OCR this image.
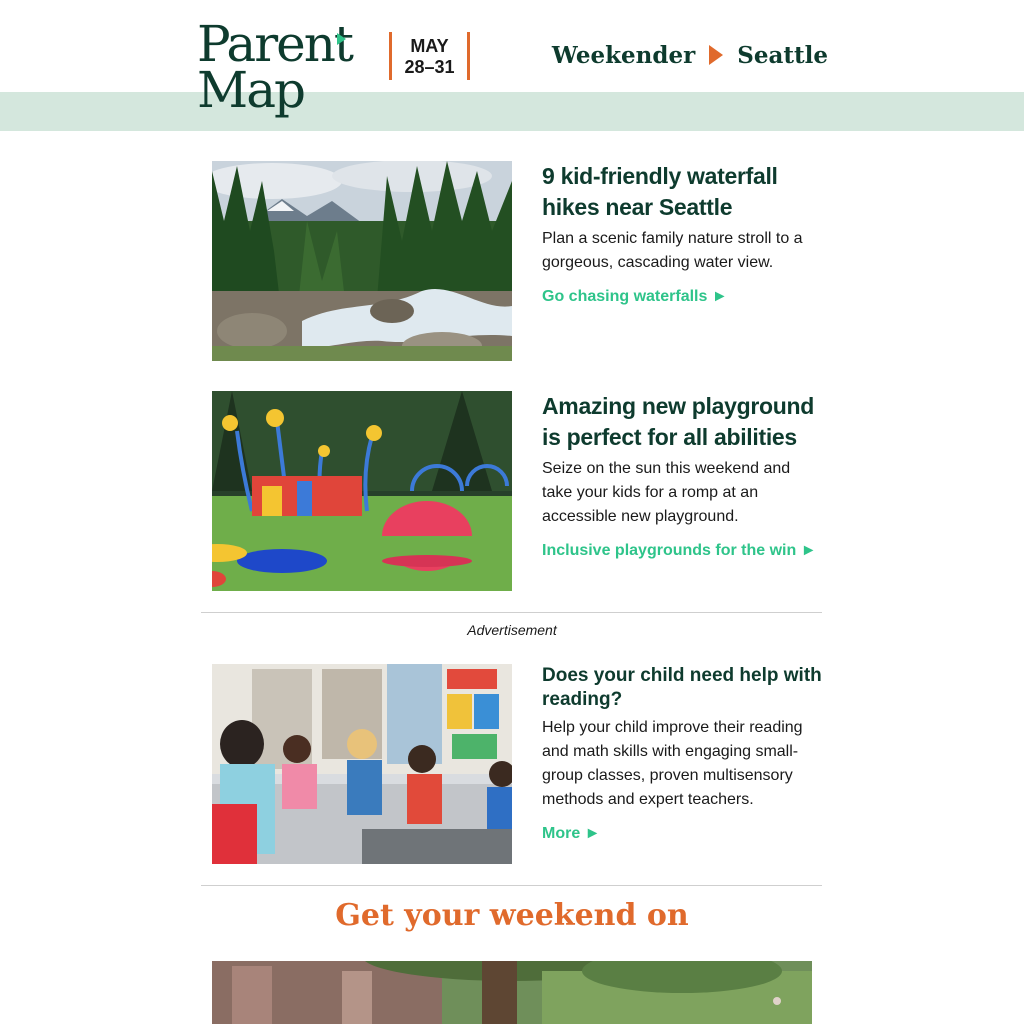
Parent
Map
MAY
28–31	Weekender Seattle
9 kid-friendly waterfall hikes near Seattle

Plan a scenic family nature stroll to a gorgeous, cascading water view.

Go chasing waterfalls ►
Amazing new playground is perfect for all abilities

Seize on the sun this weekend and take your kids for a romp at an accessible new playground.

Inclusive playgrounds for the win ►
Advertisement
Does your child need help with reading?

Help your child improve their reading and math skills with engaging small-group classes, proven multisensory methods and expert teachers.

More ►
Get your weekend on
